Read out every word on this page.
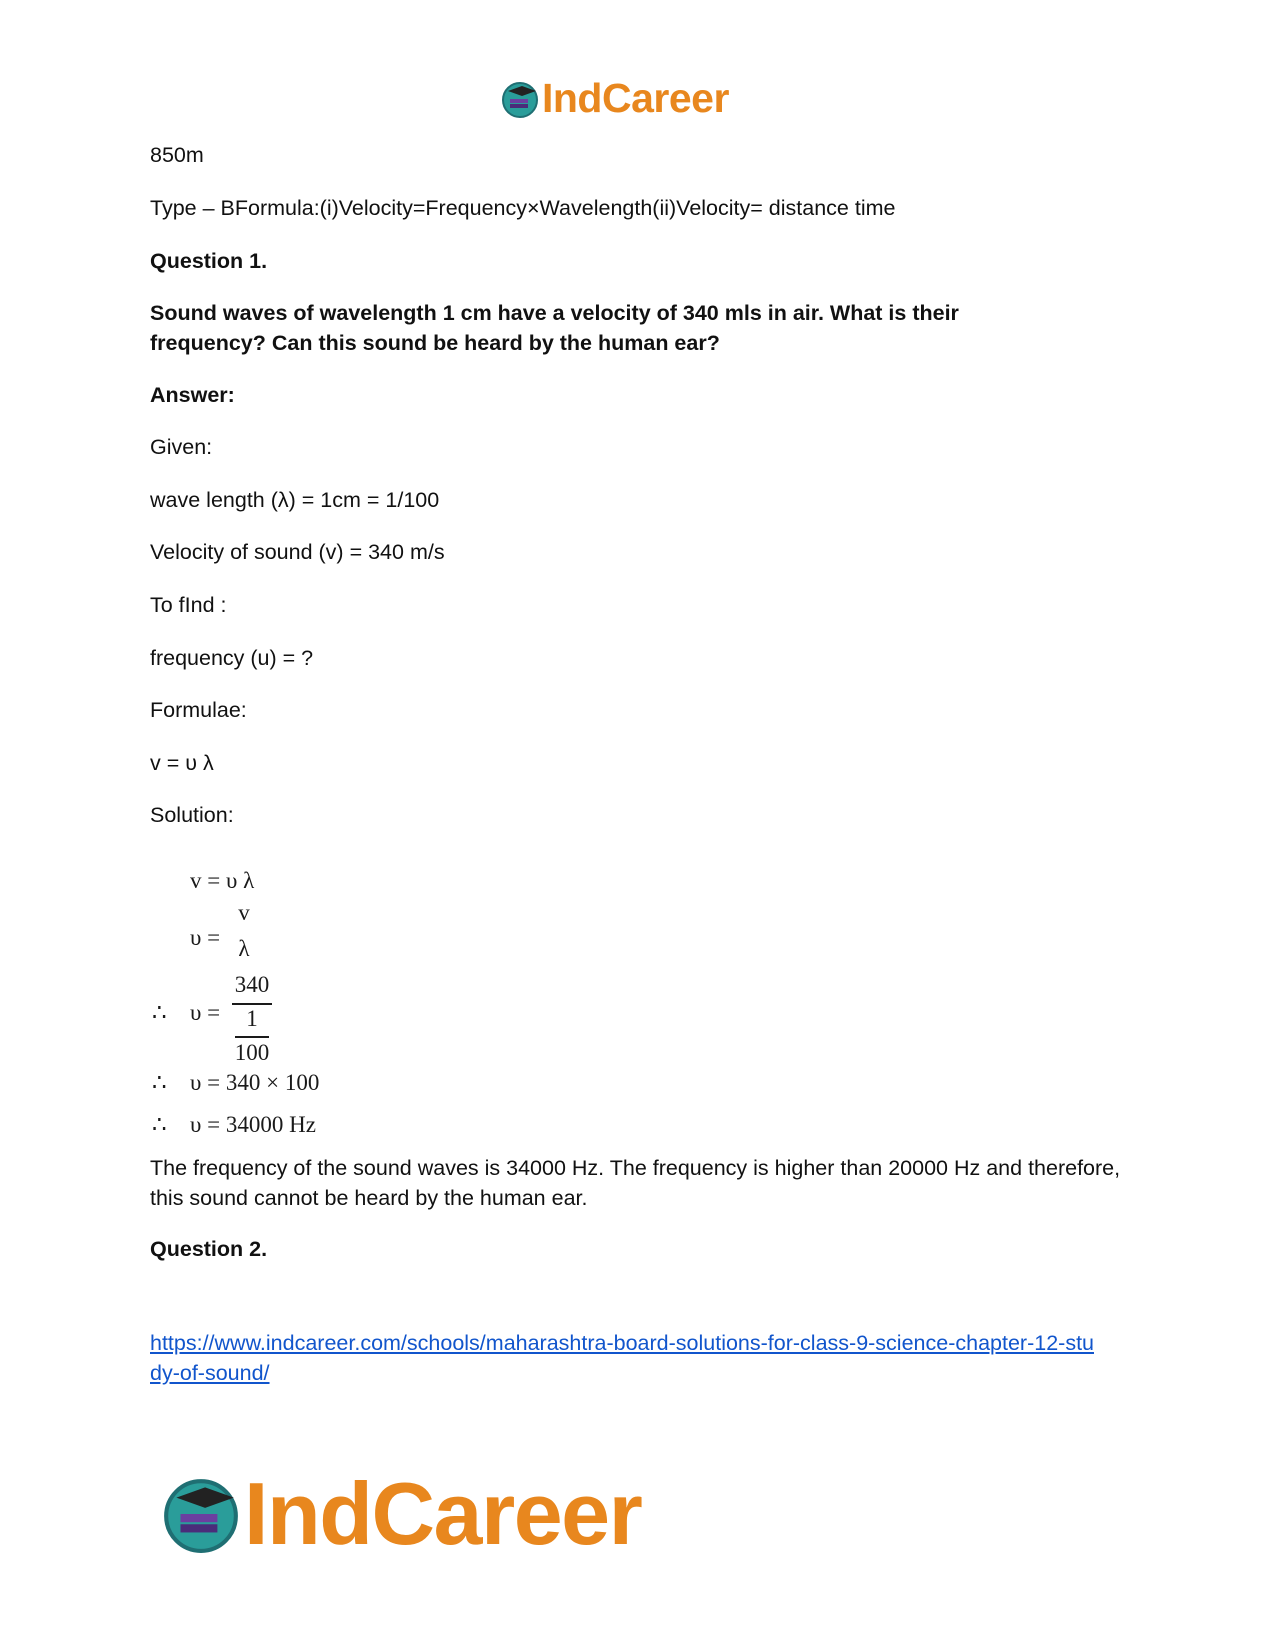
IndCareer
850m
Type – BFormula:(i)Velocity=Frequency×Wavelength(ii)Velocity= distance time
Question 1.
Sound waves of wavelength 1 cm have a velocity of 340 mls in air. What is their frequency? Can this sound be heard by the human ear?
Answer:
Given:
wave length (λ) = 1cm = 1/100
Velocity of sound (v) = 340 m/s
To fInd :
frequency (u) = ?
Formulae:
v = υ λ
Solution:
The frequency of the sound waves is 34000 Hz. The frequency is higher than 20000 Hz and therefore, this sound cannot be heard by the human ear.
Question 2.
https://www.indcareer.com/schools/maharashtra-board-solutions-for-class-9-science-chapter-12-study-of-sound/
v = υ λ
υ =
v
λ
∴ υ =
340
1
100
∴ υ = 340 × 100
∴ υ = 34000 Hz
IndCareer
